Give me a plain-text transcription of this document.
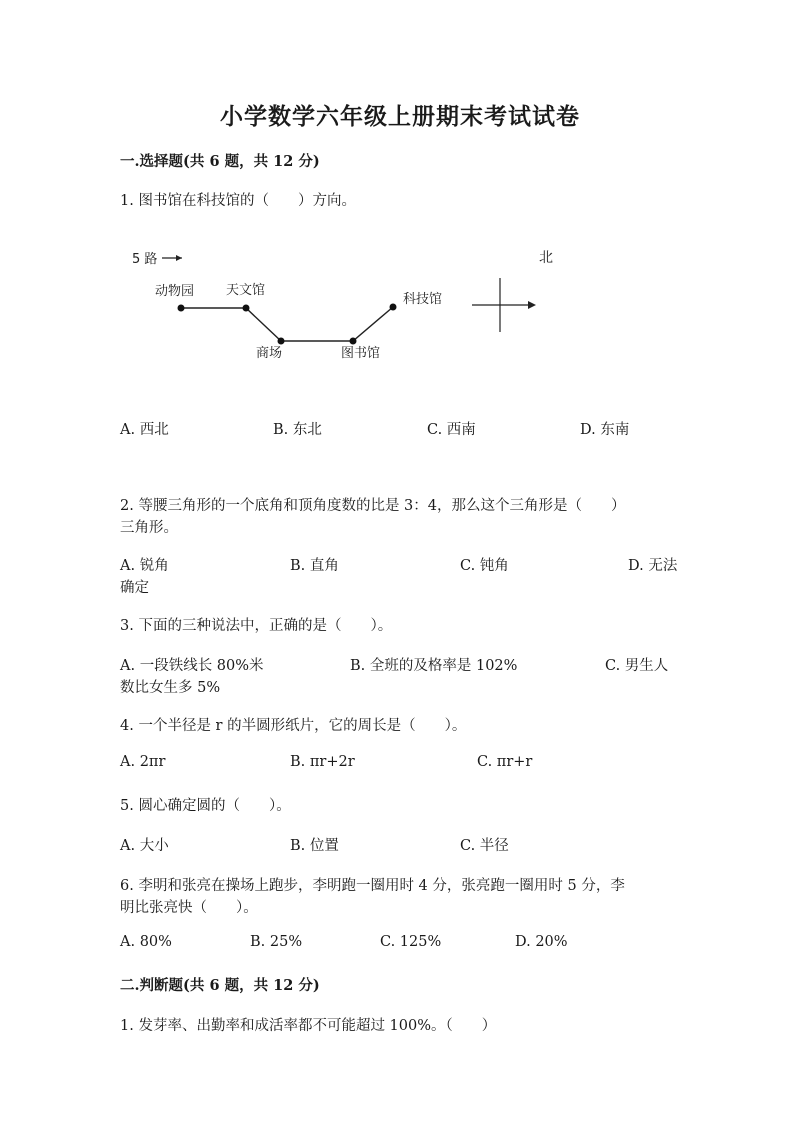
小学数学六年级上册期末考试试卷
一.选择题(共 6 题，共 12 分)
1. 图书馆在科技馆的（　　）方向。
5 路
动物园 天文馆
商场	图书馆
科技馆
北
A. 西北	B. 东北	C. 西南	D. 东南
2. 等腰三角形的一个底角和顶角度数的比是 3：4，那么这个三角形是（　　）
三角形。
A. 锐角	B. 直角	C. 钝角	D. 无法
确定
3. 下面的三种说法中，正确的是（　　）。
A. 一段铁线长 80%米	B. 全班的及格率是 102%	C. 男生人
数比女生多 5%
4. 一个半径是 r 的半圆形纸片，它的周长是（　　）。
A. 2πr	B. πr+2r	C. πr+r
5. 圆心确定圆的（　　）。
A. 大小	B. 位置	C. 半径
6. 李明和张亮在操场上跑步，李明跑一圈用时 4 分，张亮跑一圈用时 5 分，李
明比张亮快（　　）。
A. 80%	B. 25%	C. 125%	D. 20%
二.判断题(共 6 题，共 12 分)
1. 发芽率、出勤率和成活率都不可能超过 100%。（　　）
